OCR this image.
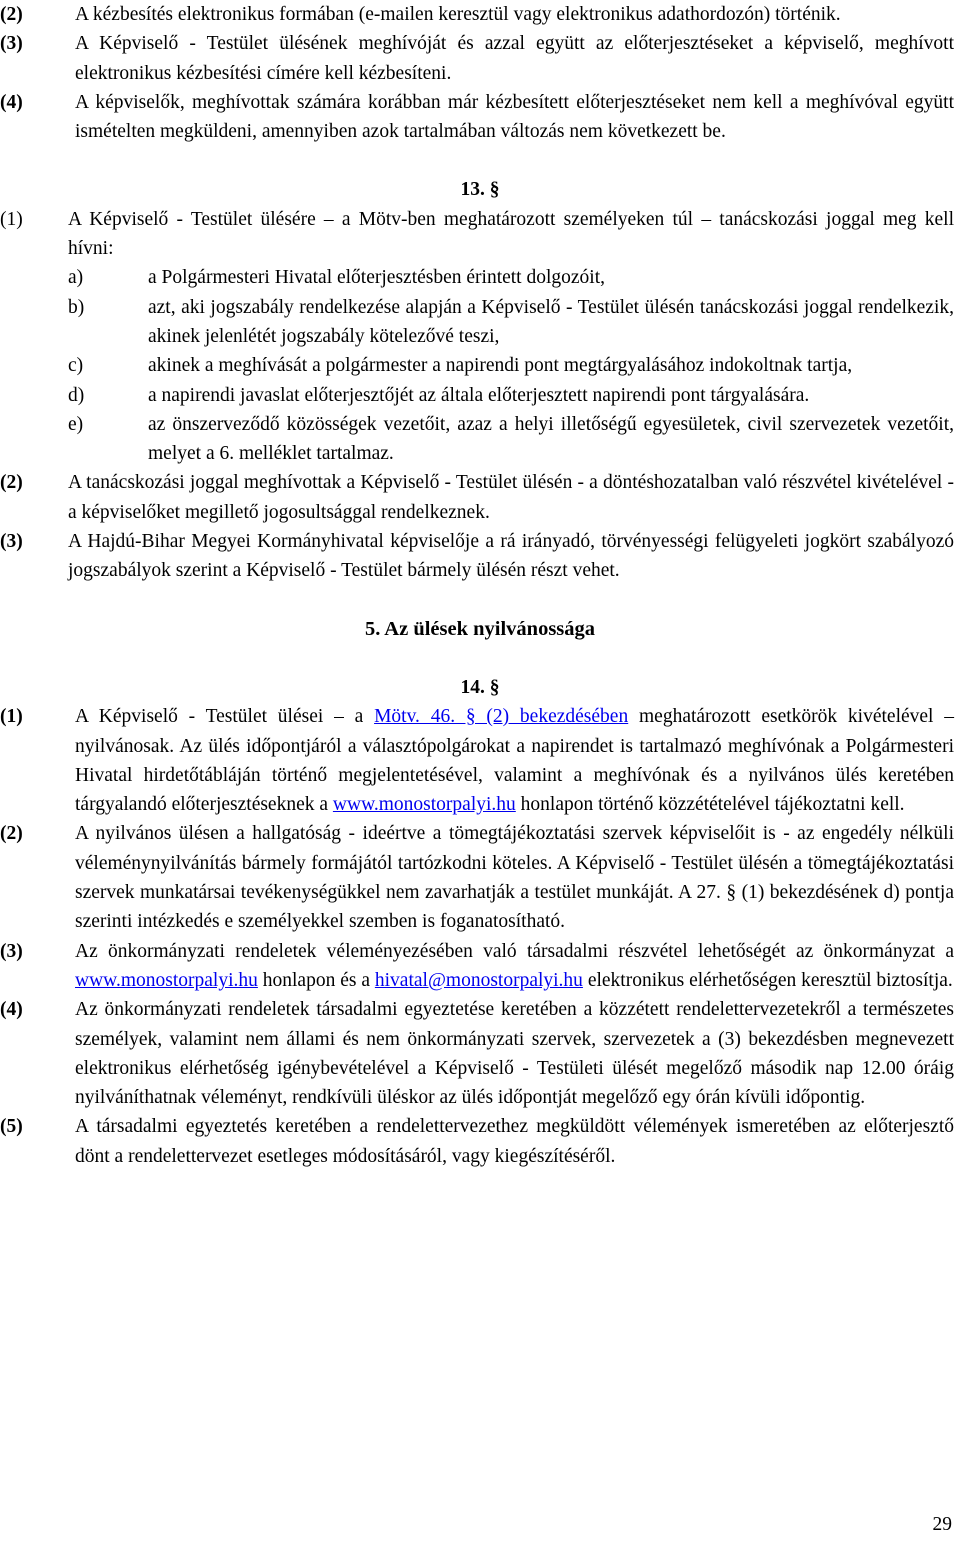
(2)	A kézbesítés elektronikus formában (e-mailen keresztül vagy elektronikus adathordozón) történik.
(3)	A Képviselő - Testület ülésének meghívóját és azzal együtt az előterjesztéseket a képviselő, meghívott elektronikus kézbesítési címére kell kézbesíteni.
(4)	A képviselők, meghívottak számára korábban már kézbesített előterjesztéseket nem kell a meghívóval együtt ismételten megküldeni, amennyiben azok tartalmában változás nem következett be.
13. §
(1)	A Képviselő - Testület ülésére – a Mötv-ben meghatározott személyeken túl – tanácskozási joggal meg kell hívni:
a)	a Polgármesteri Hivatal előterjesztésben érintett dolgozóit,
b)	azt, aki jogszabály rendelkezése alapján a Képviselő - Testület ülésén tanácskozási joggal rendelkezik, akinek jelenlétét jogszabály kötelezővé teszi,
c)	akinek a meghívását a polgármester a napirendi pont megtárgyalásához indokoltnak tartja,
d)	a napirendi javaslat előterjesztőjét az általa előterjesztett napirendi pont tárgyalására.
e)	az önszerveződő közösségek vezetőit, azaz a helyi illetőségű egyesületek, civil szervezetek vezetőit, melyet a 6. melléklet tartalmaz.
(2)	A tanácskozási joggal meghívottak a Képviselő - Testület ülésén - a döntéshozatalban való részvétel kivételével - a képviselőket megillető jogosultsággal rendelkeznek.
(3)	A Hajdú-Bihar Megyei Kormányhivatal képviselője a rá irányadó, törvényességi felügyeleti jogkört szabályozó jogszabályok szerint a Képviselő - Testület bármely ülésén részt vehet.
5. Az ülések nyilvánossága
14. §
(1)	A Képviselő - Testület ülései – a Mötv. 46. § (2) bekezdésében meghatározott esetkörök kivételével – nyilvánosak. Az ülés időpontjáról a választópolgárokat a napirendet is tartalmazó meghívónak a Polgármesteri Hivatal hirdetőtábláján történő megjelentetésével, valamint a meghívónak és a nyilvános ülés keretében tárgyalandó előterjesztéseknek a www.monostorpalyi.hu honlapon történő közzétételével tájékoztatni kell.
(2)	A nyilvános ülésen a hallgatóság - ideértve a tömegtájékoztatási szervek képviselőit is - az engedély nélküli véleménynyilvánítás bármely formájától tartózkodni köteles. A Képviselő - Testület ülésén a tömegtájékoztatási szervek munkatársai tevékenységükkel nem zavarhatják a testület munkáját. A 27. § (1) bekezdésének d) pontja szerinti intézkedés e személyekkel szemben is foganatosítható.
(3)	Az önkormányzati rendeletek véleményezésében való társadalmi részvétel lehetőségét az önkormányzat a www.monostorpalyi.hu honlapon és a hivatal@monostorpalyi.hu elektronikus elérhetőségen keresztül biztosítja.
(4)	Az önkormányzati rendeletek társadalmi egyeztetése keretében a közzétett rendelettervezetekről a természetes személyek, valamint nem állami és nem önkormányzati szervek, szervezetek a (3) bekezdésben megnevezett elektronikus elérhetőség igénybevételével a Képviselő - Testületi ülését megelőző második nap 12.00 óráig nyilváníthatnak véleményt, rendkívüli üléskor az ülés időpontját megelőző egy órán kívüli időpontig.
(5)	A társadalmi egyeztetés keretében a rendelettervezethez megküldött vélemények ismeretében az előterjesztő dönt a rendelettervezet esetleges módosításáról, vagy kiegészítéséről.
29
